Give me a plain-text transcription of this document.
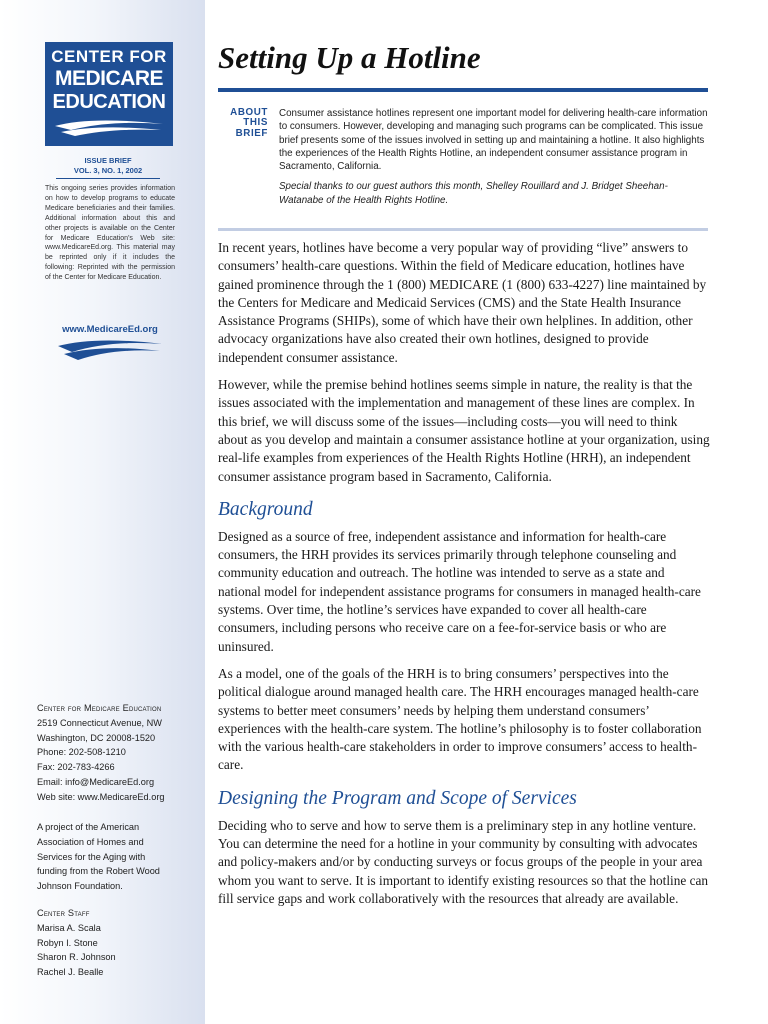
CENTER FOR
MEDICARE
EDUCATION
ISSUE BRIEF
VOL. 3, NO. 1, 2002
This ongoing series provides information on how to develop programs to educate Medicare beneficiaries and their families. Additional information about this and other projects is available on the Center for Medicare Education's Web site: www.MedicareEd.org. This material may be reprinted only if it includes the following: Reprinted with the permission of the Center for Medicare Education.
www.MedicareEd.org
Center for Medicare Education
2519 Connecticut Avenue, NW
Washington, DC 20008-1520
Phone: 202-508-1210
Fax: 202-783-4266
Email: info@MedicareEd.org
Web site: www.MedicareEd.org
A project of the American Association of Homes and Services for the Aging with funding from the Robert Wood Johnson Foundation.
Center Staff
Marisa A. Scala
Robyn I. Stone
Sharon R. Johnson
Rachel J. Bealle
Setting Up a Hotline
ABOUT
THIS
BRIEF

Consumer assistance hotlines represent one important model for delivering health-care information to consumers. However, developing and managing such programs can be complicated. This issue brief presents some of the issues involved in setting up and maintaining a hotline. It also highlights the experiences of the Health Rights Hotline, an independent consumer assistance program in Sacramento, California.

Special thanks to our guest authors this month, Shelley Rouillard and J. Bridget Sheehan-Watanabe of the Health Rights Hotline.

In recent years, hotlines have become a very popular way of providing “live” answers to consumers’ health-care questions. Within the field of Medicare education, hotlines have gained prominence through the 1 (800) MEDICARE (1 (800) 633-4227) line maintained by the Centers for Medicare and Medicaid Services (CMS) and the State Health Insurance Assistance Programs (SHIPs), some of which have their own helplines. In addition, other advocacy organizations have also created their own hotlines, designed to provide independent consumer assistance.

However, while the premise behind hotlines seems simple in nature, the reality is that the issues associated with the implementation and management of these lines are complex. In this brief, we will discuss some of the issues—including costs—you will need to think about as you develop and maintain a consumer assistance hotline at your organization, using real-life examples from experiences of the Health Rights Hotline (HRH), an independent consumer assistance program based in Sacramento, California.

Background

Designed as a source of free, independent assistance and information for health-care consumers, the HRH provides its services primarily through telephone counseling and community education and outreach. The hotline was intended to serve as a state and national model for independent assistance programs for consumers in managed health-care systems. Over time, the hotline’s services have expanded to cover all health-care consumers, including persons who receive care on a fee-for-service basis or who are uninsured.

As a model, one of the goals of the HRH is to bring consumers’ perspectives into the political dialogue around managed health care. The HRH encourages managed health-care systems to better meet consumers’ needs by helping them understand consumers’ experiences with the health-care system. The hotline’s philosophy is to foster collaboration with the various health-care stakeholders in order to improve consumers’ access to health-care.

Designing the Program and Scope of Services

Deciding who to serve and how to serve them is a preliminary step in any hotline venture. You can determine the need for a hotline in your community by consulting with advocates and policy-makers and/or by conducting surveys or focus groups of the people in your area whom you want to serve. It is important to identify existing resources so that the hotline can fill service gaps and work collaboratively with the resources that already are available.
